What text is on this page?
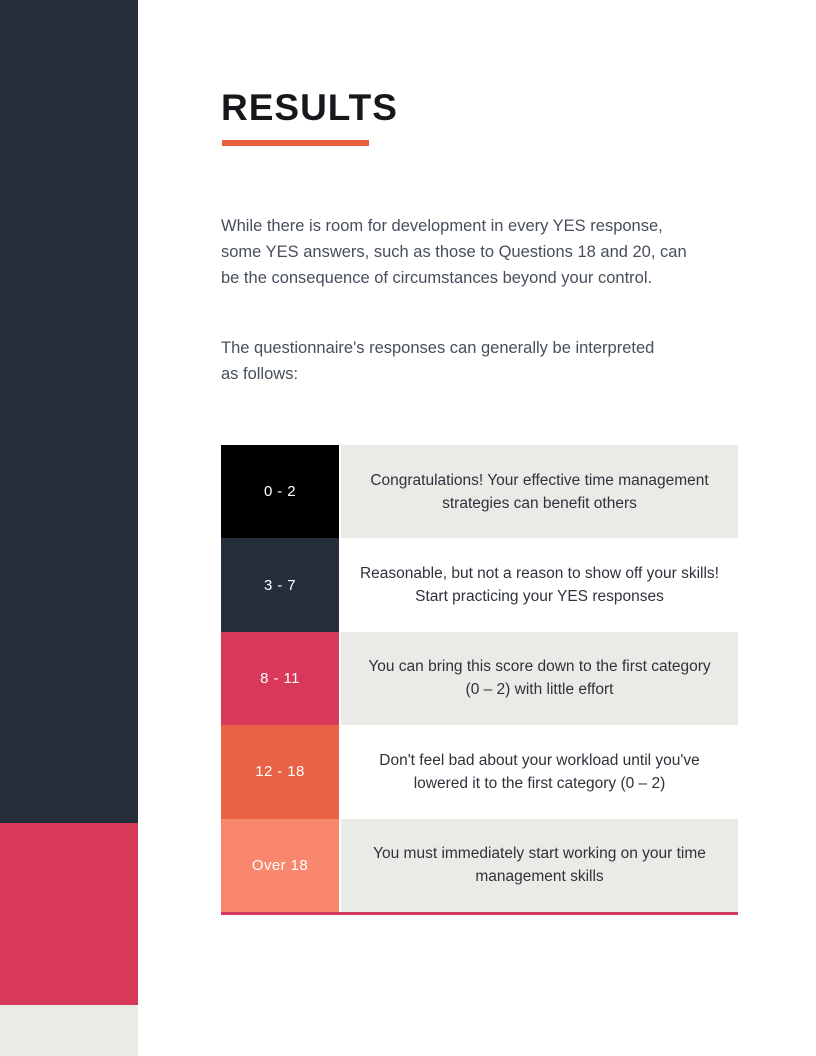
RESULTS

While there is room for development in every YES response,
some YES answers, such as those to Questions 18 and 20, can
be the consequence of circumstances beyond your control.

The questionnaire's responses can generally be interpreted
as follows:

0 - 2
Congratulations! Your effective time management
strategies can benefit others
3 - 7
Reasonable, but not a reason to show off your skills!
Start practicing your YES responses
8 - 11
You can bring this score down to the first category
(0 – 2) with little effort
12 - 18
Don't feel bad about your workload until you've
lowered it to the first category (0 – 2)
Over 18
You must immediately start working on your time
management skills
